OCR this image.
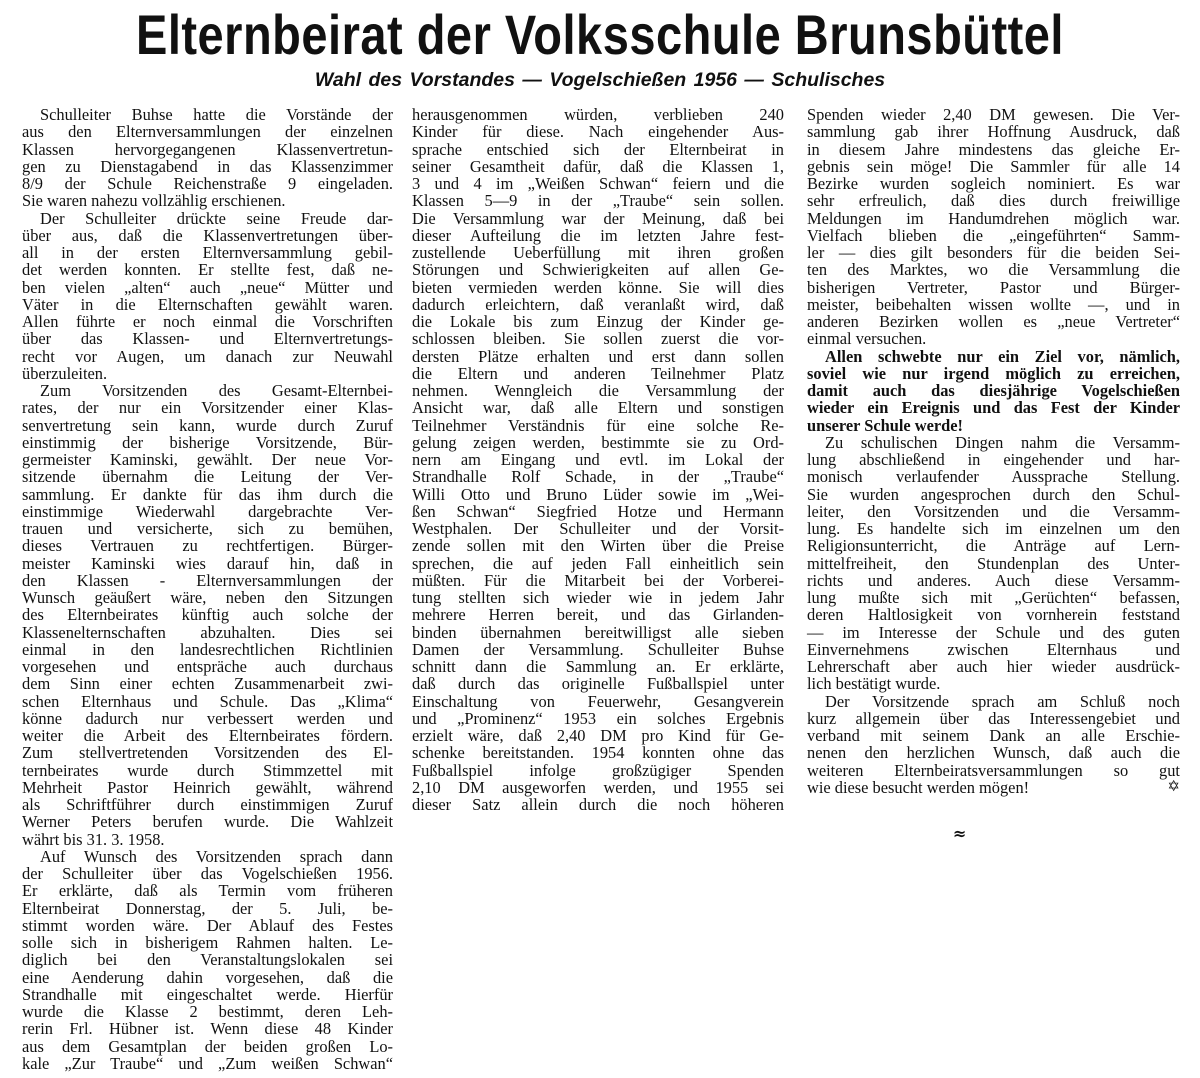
Elternbeirat der Volksschule Brunsbüttel
Wahl des Vorstandes — Vogelschießen 1956 — Schulisches

Schulleiter Buhse hatte die Vorstände der
aus den Elternversammlungen der einzelnen
Klassen hervorgegangenen Klassenvertretun-
gen zu Dienstagabend in das Klassenzimmer
8/9 der Schule Reichenstraße 9 eingeladen.
Sie waren nahezu vollzählig erschienen.

Der Schulleiter drückte seine Freude dar-
über aus, daß die Klassenvertretungen über-
all in der ersten Elternversammlung gebil-
det werden konnten. Er stellte fest, daß ne-
ben vielen „alten“ auch „neue“ Mütter und
Väter in die Elternschaften gewählt waren.
Allen führte er noch einmal die Vorschriften
über das Klassen- und Elternvertretungs-
recht vor Augen, um danach zur Neuwahl
überzuleiten.

Zum Vorsitzenden des Gesamt-Elternbei-
rates, der nur ein Vorsitzender einer Klas-
senvertretung sein kann, wurde durch Zuruf
einstimmig der bisherige Vorsitzende, Bür-
germeister Kaminski, gewählt. Der neue Vor-
sitzende übernahm die Leitung der Ver-
sammlung. Er dankte für das ihm durch die
einstimmige Wiederwahl dargebrachte Ver-
trauen und versicherte, sich zu bemühen,
dieses Vertrauen zu rechtfertigen. Bürger-
meister Kaminski wies darauf hin, daß in
den Klassen - Elternversammlungen der
Wunsch geäußert wäre, neben den Sitzungen
des Elternbeirates künftig auch solche der
Klassenelternschaften abzuhalten. Dies sei
einmal in den landesrechtlichen Richtlinien
vorgesehen und entspräche auch durchaus
dem Sinn einer echten Zusammenarbeit zwi-
schen Elternhaus und Schule. Das „Klima“
könne dadurch nur verbessert werden und
weiter die Arbeit des Elternbeirates fördern.
Zum stellvertretenden Vorsitzenden des El-
ternbeirates wurde durch Stimmzettel mit
Mehrheit Pastor Heinrich gewählt, während
als Schriftführer durch einstimmigen Zuruf
Werner Peters berufen wurde. Die Wahlzeit
währt bis 31. 3. 1958.

Auf Wunsch des Vorsitzenden sprach dann
der Schulleiter über das Vogelschießen 1956.
Er erklärte, daß als Termin vom früheren
Elternbeirat Donnerstag, der 5. Juli, be-
stimmt worden wäre. Der Ablauf des Festes
solle sich in bisherigem Rahmen halten. Le-
diglich bei den Veranstaltungslokalen sei
eine Aenderung dahin vorgesehen, daß die
Strandhalle mit eingeschaltet werde. Hierfür
wurde die Klasse 2 bestimmt, deren Leh-
rerin Frl. Hübner ist. Wenn diese 48 Kinder
aus dem Gesamtplan der beiden großen Lo-
kale „Zur Traube“ und „Zum weißen Schwan“

herausgenommen würden, verblieben 240
Kinder für diese. Nach eingehender Aus-
sprache entschied sich der Elternbeirat in
seiner Gesamtheit dafür, daß die Klassen 1,
3 und 4 im „Weißen Schwan“ feiern und die
Klassen 5—9 in der „Traube“ sein sollen.
Die Versammlung war der Meinung, daß bei
dieser Aufteilung die im letzten Jahre fest-
zustellende Ueberfüllung mit ihren großen
Störungen und Schwierigkeiten auf allen Ge-
bieten vermieden werden könne. Sie will dies
dadurch erleichtern, daß veranlaßt wird, daß
die Lokale bis zum Einzug der Kinder ge-
schlossen bleiben. Sie sollen zuerst die vor-
dersten Plätze erhalten und erst dann sollen
die Eltern und anderen Teilnehmer Platz
nehmen. Wenngleich die Versammlung der
Ansicht war, daß alle Eltern und sonstigen
Teilnehmer Verständnis für eine solche Re-
gelung zeigen werden, bestimmte sie zu Ord-
nern am Eingang und evtl. im Lokal der
Strandhalle Rolf Schade, in der „Traube“
Willi Otto und Bruno Lüder sowie im „Wei-
ßen Schwan“ Siegfried Hotze und Hermann
Westphalen. Der Schulleiter und der Vorsit-
zende sollen mit den Wirten über die Preise
sprechen, die auf jeden Fall einheitlich sein
müßten. Für die Mitarbeit bei der Vorberei-
tung stellten sich wieder wie in jedem Jahr
mehrere Herren bereit, und das Girlanden-
binden übernahmen bereitwilligst alle sieben
Damen der Versammlung. Schulleiter Buhse
schnitt dann die Sammlung an. Er erklärte,
daß durch das originelle Fußballspiel unter
Einschaltung von Feuerwehr, Gesangverein
und „Prominenz“ 1953 ein solches Ergebnis
erzielt wäre, daß 2,40 DM pro Kind für Ge-
schenke bereitstanden. 1954 konnten ohne das
Fußballspiel infolge großzügiger Spenden
2,10 DM ausgeworfen werden, und 1955 sei
dieser Satz allein durch die noch höheren

Spenden wieder 2,40 DM gewesen. Die Ver-
sammlung gab ihrer Hoffnung Ausdruck, daß
in diesem Jahre mindestens das gleiche Er-
gebnis sein möge! Die Sammler für alle 14
Bezirke wurden sogleich nominiert. Es war
sehr erfreulich, daß dies durch freiwillige
Meldungen im Handumdrehen möglich war.
Vielfach blieben die „eingeführten“ Samm-
ler — dies gilt besonders für die beiden Sei-
ten des Marktes, wo die Versammlung die
bisherigen Vertreter, Pastor und Bürger-
meister, beibehalten wissen wollte —, und in
anderen Bezirken wollen es „neue Vertreter“
einmal versuchen.

Allen schwebte nur ein Ziel vor, nämlich,
soviel wie nur irgend möglich zu erreichen,
damit auch das diesjährige Vogelschießen
wieder ein Ereignis und das Fest der Kinder
unserer Schule werde!

Zu schulischen Dingen nahm die Versamm-
lung abschließend in eingehender und har-
monisch verlaufender Aussprache Stellung.
Sie wurden angesprochen durch den Schul-
leiter, den Vorsitzenden und die Versamm-
lung. Es handelte sich im einzelnen um den
Religionsunterricht, die Anträge auf Lern-
mittelfreiheit, den Stundenplan des Unter-
richts und anderes. Auch diese Versamm-
lung mußte sich mit „Gerüchten“ befassen,
deren Haltlosigkeit von vornherein feststand
— im Interesse der Schule und des guten
Einvernehmens zwischen Elternhaus und
Lehrerschaft aber auch hier wieder ausdrück-
lich bestätigt wurde.

Der Vorsitzende sprach am Schluß noch
kurz allgemein über das Interessengebiet und
verband mit seinem Dank an alle Erschie-
nenen den herzlichen Wunsch, daß auch die
weiteren Elternbeiratsversammlungen so gut
wie diese besucht werden mögen!	✡

≈
